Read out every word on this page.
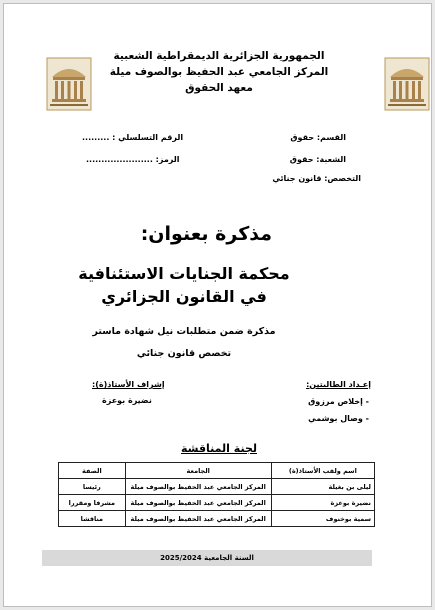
الجمهورية الجزائرية الديمقراطية الشعبية
المركز الجامعي عبد الحفيظ بوالصوف ميلة
معهد الحقوق
القسم: حقوق
الشعبة: حقوق
التخصص: قانون جنائي
الرقم التسلسلي : .........
الرمز: ......................
مذكرة بعنوان:
محكمة الجنايات الاستئنافية
في القانون الجزائري
مذكرة ضمن متطلبات نيل شهادة ماستر
تخصص قانون جنائي
إعـداد الطالبتين:
- إخلاص مرزوق
- وصال بوشمي
إشراف الأستاذ(ة):
نضيرة بوعزة
لجنة المناقشة
اسم ولقب الأستاذ(ة)	الجامعة	الصفة
ليلى بن بغيلة	المركز الجامعي عبد الحفيظ بوالصوف ميلة	رئيسا
نضيرة بوعزة	المركز الجامعي عبد الحفيظ بوالصوف ميلة	مشرفا ومقررا
سمية بوخنوف	المركز الجامعي عبد الحفيظ بوالصوف ميلة	مناقشا
السنة الجامعية 2025/2024
